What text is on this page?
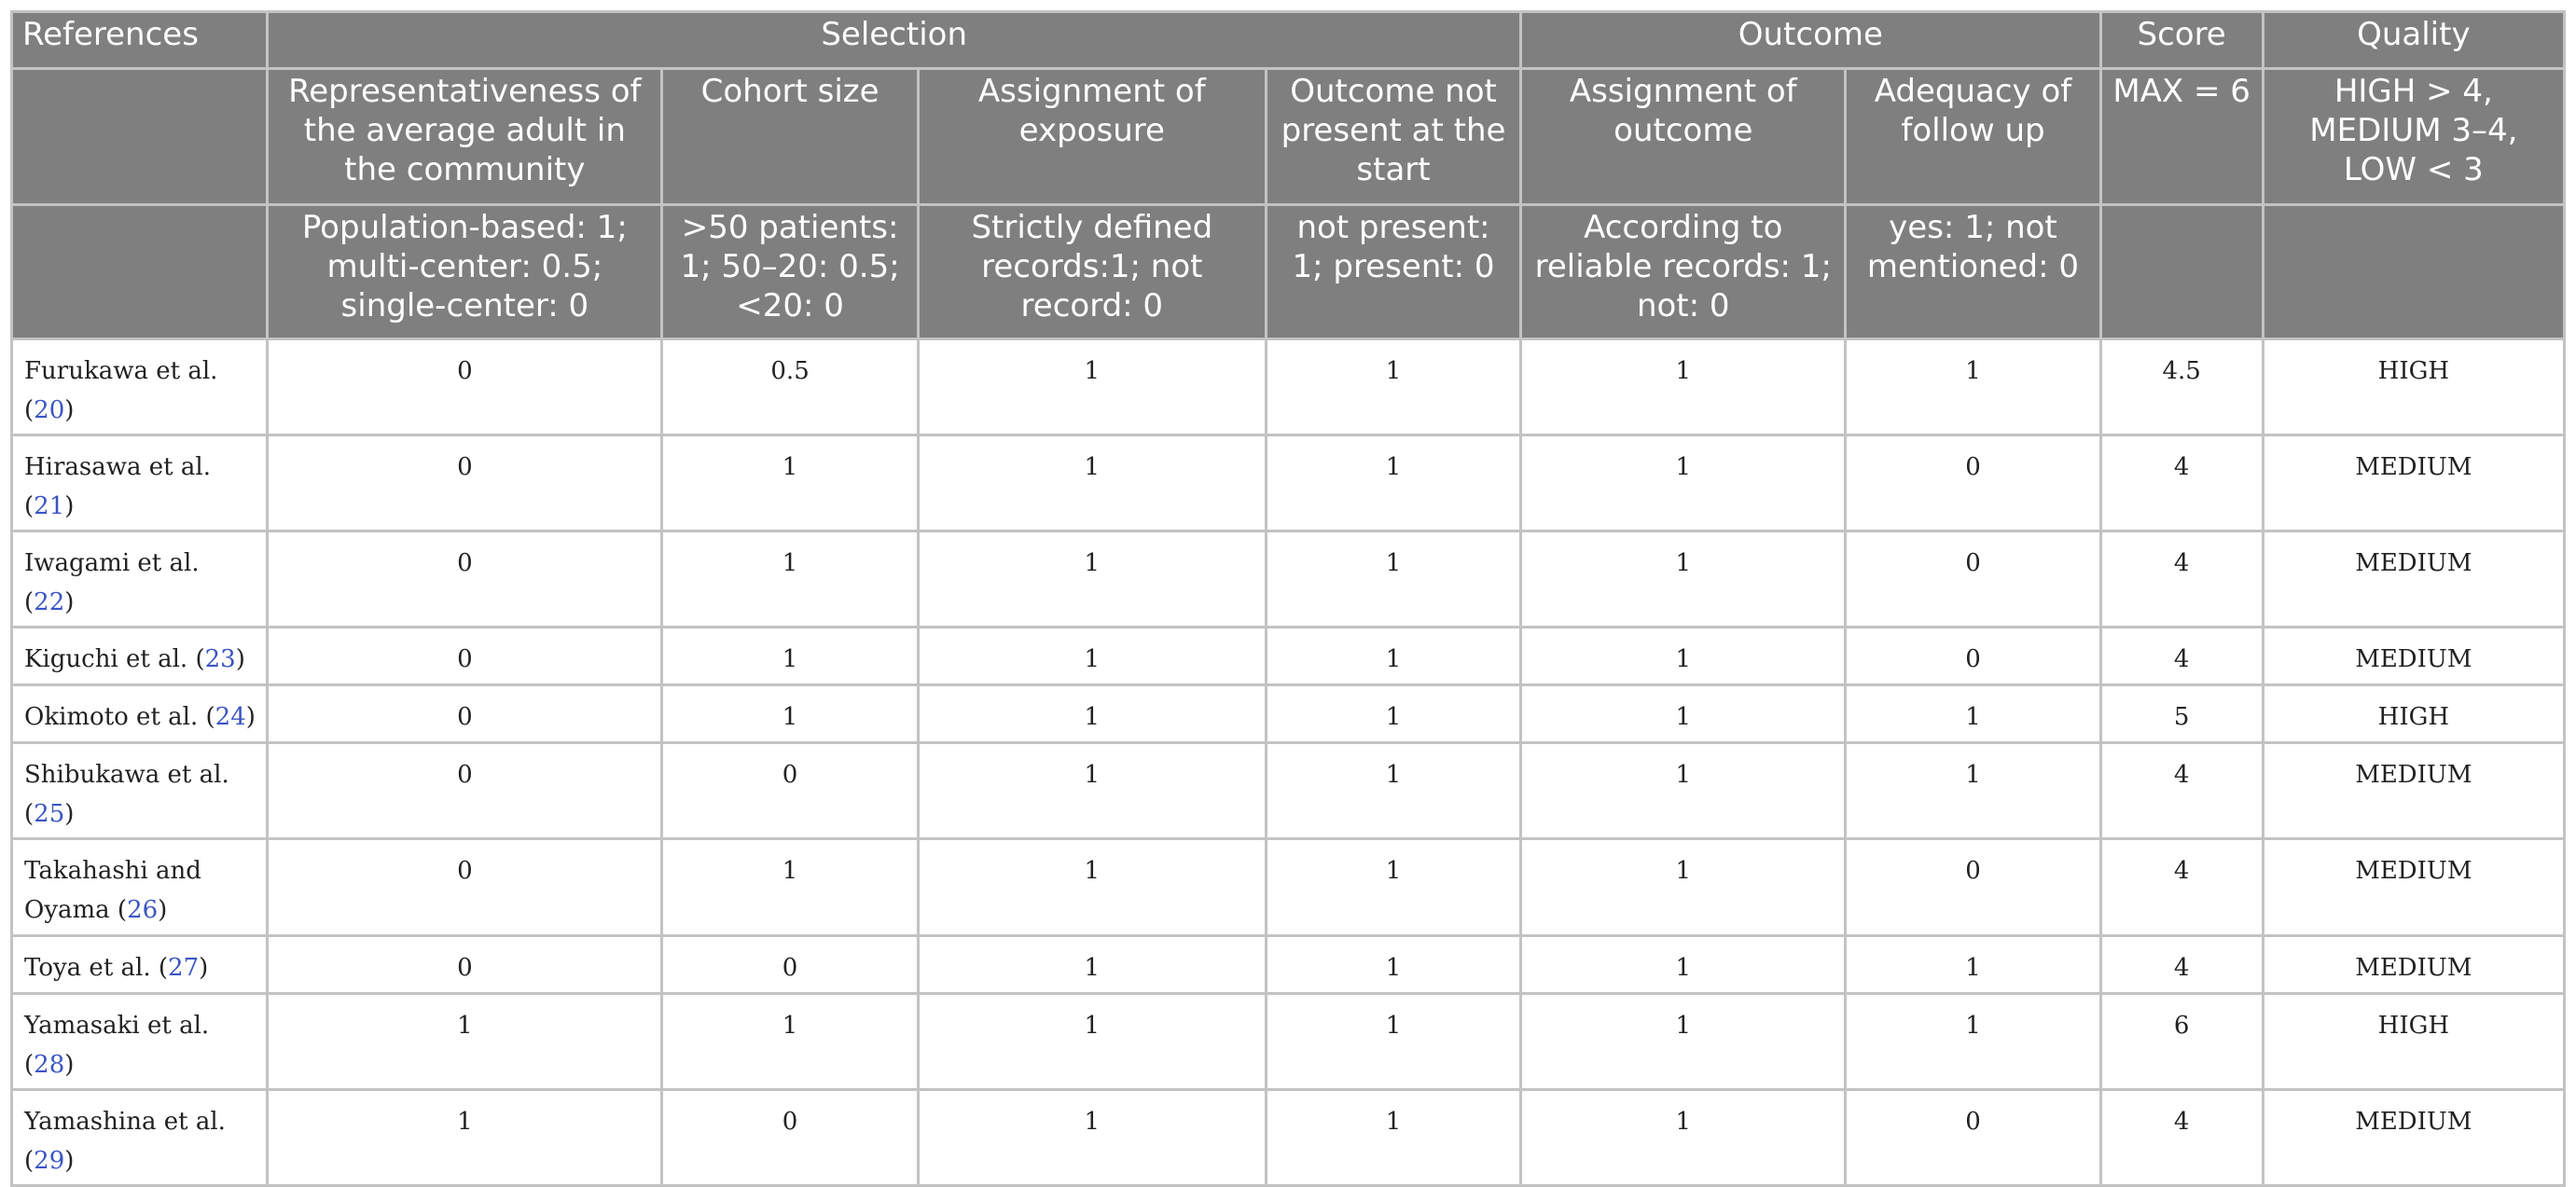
References	Selection				Outcome		Score	Quality
	Representativeness of the average adult in the community	Cohort size	Assignment of exposure	Outcome not present at the start	Assignment of outcome	Adequacy of follow up	MAX = 6	HIGH > 4, MEDIUM 3–4, LOW < 3
	Population-based: 1; multi-center: 0.5; single-center: 0	>50 patients: 1; 50–20: 0.5; <20: 0	Strictly defined records:1; not record: 0	not present: 1; present: 0	According to reliable records: 1; not: 0	yes: 1; not mentioned: 0		
Furukawa et al. (20)	0	0.5	1	1	1	1	4.5	HIGH
Hirasawa et al. (21)	0	1	1	1	1	0	4	MEDIUM
Iwagami et al. (22)	0	1	1	1	1	0	4	MEDIUM
Kiguchi et al. (23)	0	1	1	1	1	0	4	MEDIUM
Okimoto et al. (24)	0	1	1	1	1	1	5	HIGH
Shibukawa et al. (25)	0	0	1	1	1	1	4	MEDIUM
Takahashi and Oyama (26)	0	1	1	1	1	0	4	MEDIUM
Toya et al. (27)	0	0	1	1	1	1	4	MEDIUM
Yamasaki et al. (28)	1	1	1	1	1	1	6	HIGH
Yamashina et al. (29)	1	0	1	1	1	0	4	MEDIUM
